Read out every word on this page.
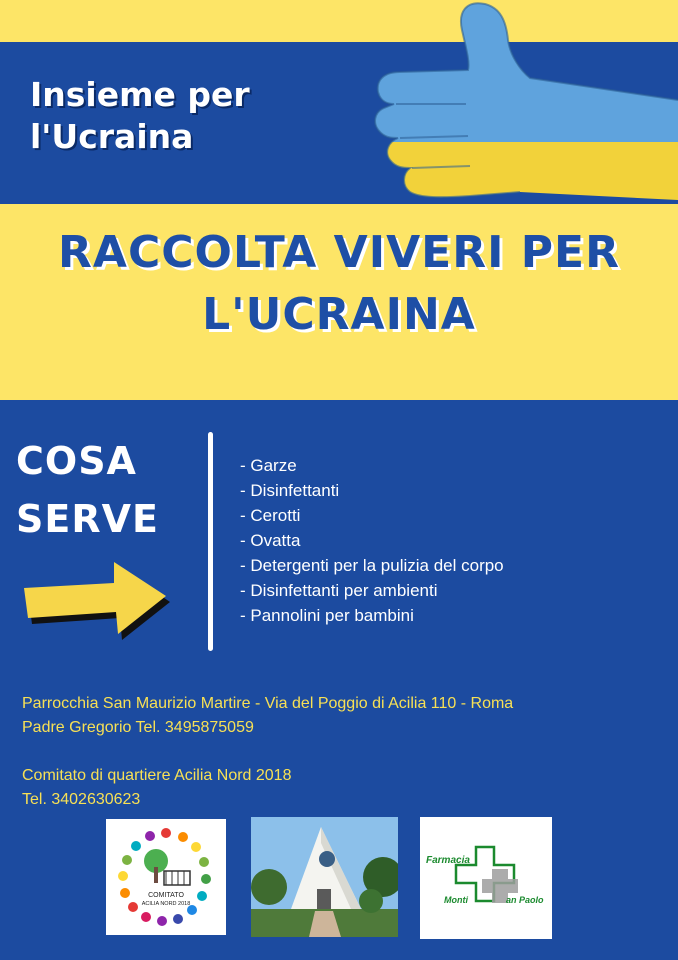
Insieme per
l'Ucraina
RACCOLTA VIVERI PER
L'UCRAINA
COSA
SERVE
- Garze
- Disinfettanti
- Cerotti
- Ovatta
- Detergenti per la pulizia del corpo
- Disinfettanti per ambienti
- Pannolini per bambini
Parrocchia San Maurizio Martire - Via del Poggio di Acilia 110 - Roma
Padre Gregorio Tel. 3495875059
Comitato di quartiere Acilia Nord 2018
Tel. 3402630623
COMITATO
ACILIA NORD 2018
Farmacia
Monti	an Paolo
